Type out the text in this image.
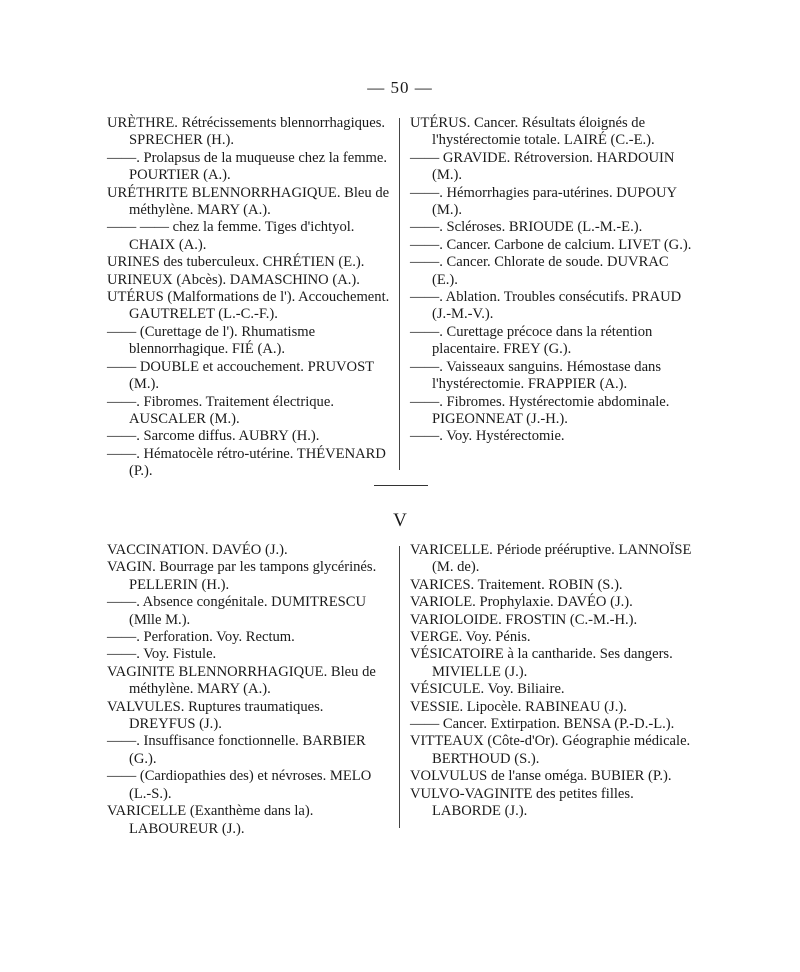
— 50 —

URÈTHRE. Rétrécissements blennorrhagiques. SPRECHER (H.).

——. Prolapsus de la muqueuse chez la femme. POURTIER (A.).

URÉTHRITE BLENNORRHAGIQUE. Bleu de méthylène. MARY (A.).

—— —— chez la femme. Tiges d'ichtyol. CHAIX (A.).

URINES des tuberculeux. CHRÉTIEN (E.).

URINEUX (Abcès). DAMASCHINO (A.).

UTÉRUS (Malformations de l'). Accouchement. GAUTRELET (L.-C.-F.).

—— (Curettage de l'). Rhumatisme blennorrhagique. FIÉ (A.).

—— DOUBLE et accouchement. PRUVOST (M.).

——. Fibromes. Traitement électrique. AUSCALER (M.).

——. Sarcome diffus. AUBRY (H.).

——. Hématocèle rétro-utérine. THÉVENARD (P.).

UTÉRUS. Cancer. Résultats éloignés de l'hystérectomie totale. LAIRÉ (C.-E.).

—— GRAVIDE. Rétroversion. HARDOUIN (M.).

——. Hémorrhagies para-utérines. DUPOUY (M.).

——. Scléroses. BRIOUDE (L.-M.-E.).

——. Cancer. Carbone de calcium. LIVET (G.).

——. Cancer. Chlorate de soude. DUVRAC (E.).

——. Ablation. Troubles consécutifs. PRAUD (J.-M.-V.).

——. Curettage précoce dans la rétention placentaire. FREY (G.).

——. Vaisseaux sanguins. Hémostase dans l'hystérectomie. FRAPPIER (A.).

——. Fibromes. Hystérectomie abdominale. PIGEONNEAT (J.-H.).

——. Voy. Hystérectomie.

V

VACCINATION. DAVÉO (J.).

VAGIN. Bourrage par les tampons glycérinés. PELLERIN (H.).

——. Absence congénitale. DUMITRESCU (Mlle M.).

——. Perforation. Voy. Rectum.

——. Voy. Fistule.

VAGINITE BLENNORRHAGIQUE. Bleu de méthylène. MARY (A.).

VALVULES. Ruptures traumatiques. DREYFUS (J.).

——. Insuffisance fonctionnelle. BARBIER (G.).

—— (Cardiopathies des) et névroses. MELO (L.-S.).

VARICELLE (Exanthème dans la). LABOUREUR (J.).

VARICELLE. Période prééruptive. LANNOÏSE (M. de).

VARICES. Traitement. ROBIN (S.).

VARIOLE. Prophylaxie. DAVÉO (J.).

VARIOLOIDE. FROSTIN (C.-M.-H.).

VERGE. Voy. Pénis.

VÉSICATOIRE à la cantharide. Ses dangers. MIVIELLE (J.).

VÉSICULE. Voy. Biliaire.

VESSIE. Lipocèle. RABINEAU (J.).

—— Cancer. Extirpation. BENSA (P.-D.-L.).

VITTEAUX (Côte-d'Or). Géographie médicale. BERTHOUD (S.).

VOLVULUS de l'anse oméga. BUBIER (P.).

VULVO-VAGINITE des petites filles. LABORDE (J.).
